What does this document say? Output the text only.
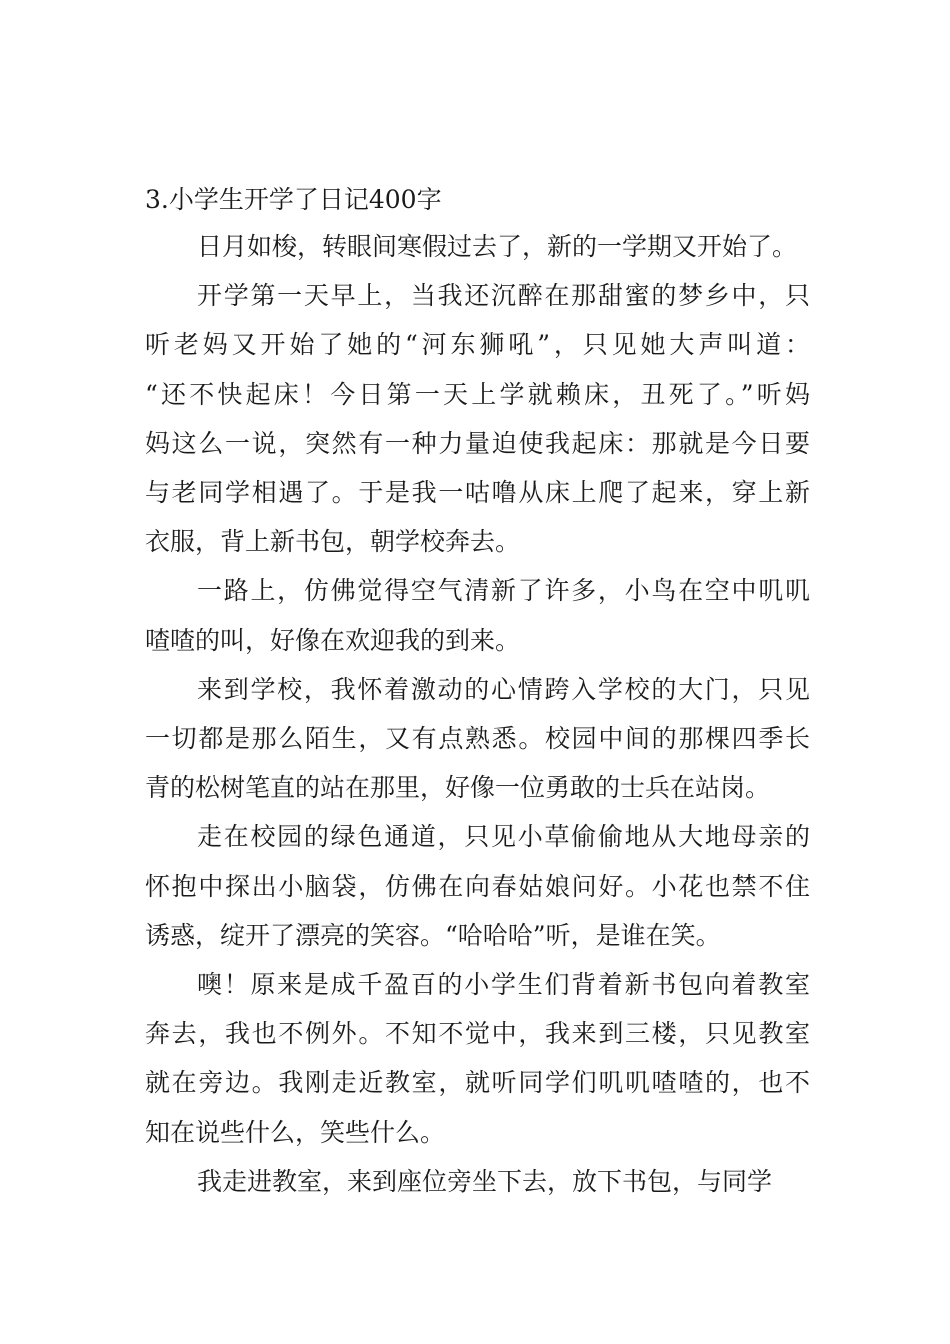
3.小学生开学了日记400字

日月如梭，转眼间寒假过去了，新的一学期又开始了。

开学第一天早上，当我还沉醉在那甜蜜的梦乡中，只
听老妈又开始了她的“河东狮吼”，只见她大声叫道：
“还不快起床！今日第一天上学就赖床，丑死了。”听妈
妈这么一说，突然有一种力量迫使我起床：那就是今日要
与老同学相遇了。于是我一咕噜从床上爬了起来，穿上新
衣服，背上新书包，朝学校奔去。

一路上，仿佛觉得空气清新了许多，小鸟在空中叽叽
喳喳的叫，好像在欢迎我的到来。

来到学校，我怀着激动的心情跨入学校的大门，只见
一切都是那么陌生，又有点熟悉。校园中间的那棵四季长
青的松树笔直的站在那里，好像一位勇敢的士兵在站岗。

走在校园的绿色通道，只见小草偷偷地从大地母亲的
怀抱中探出小脑袋，仿佛在向春姑娘问好。小花也禁不住
诱惑，绽开了漂亮的笑容。“哈哈哈”听，是谁在笑。

噢！原来是成千盈百的小学生们背着新书包向着教室
奔去，我也不例外。不知不觉中，我来到三楼，只见教室
就在旁边。我刚走近教室，就听同学们叽叽喳喳的，也不
知在说些什么，笑些什么。

我走进教室，来到座位旁坐下去，放下书包，与同学
